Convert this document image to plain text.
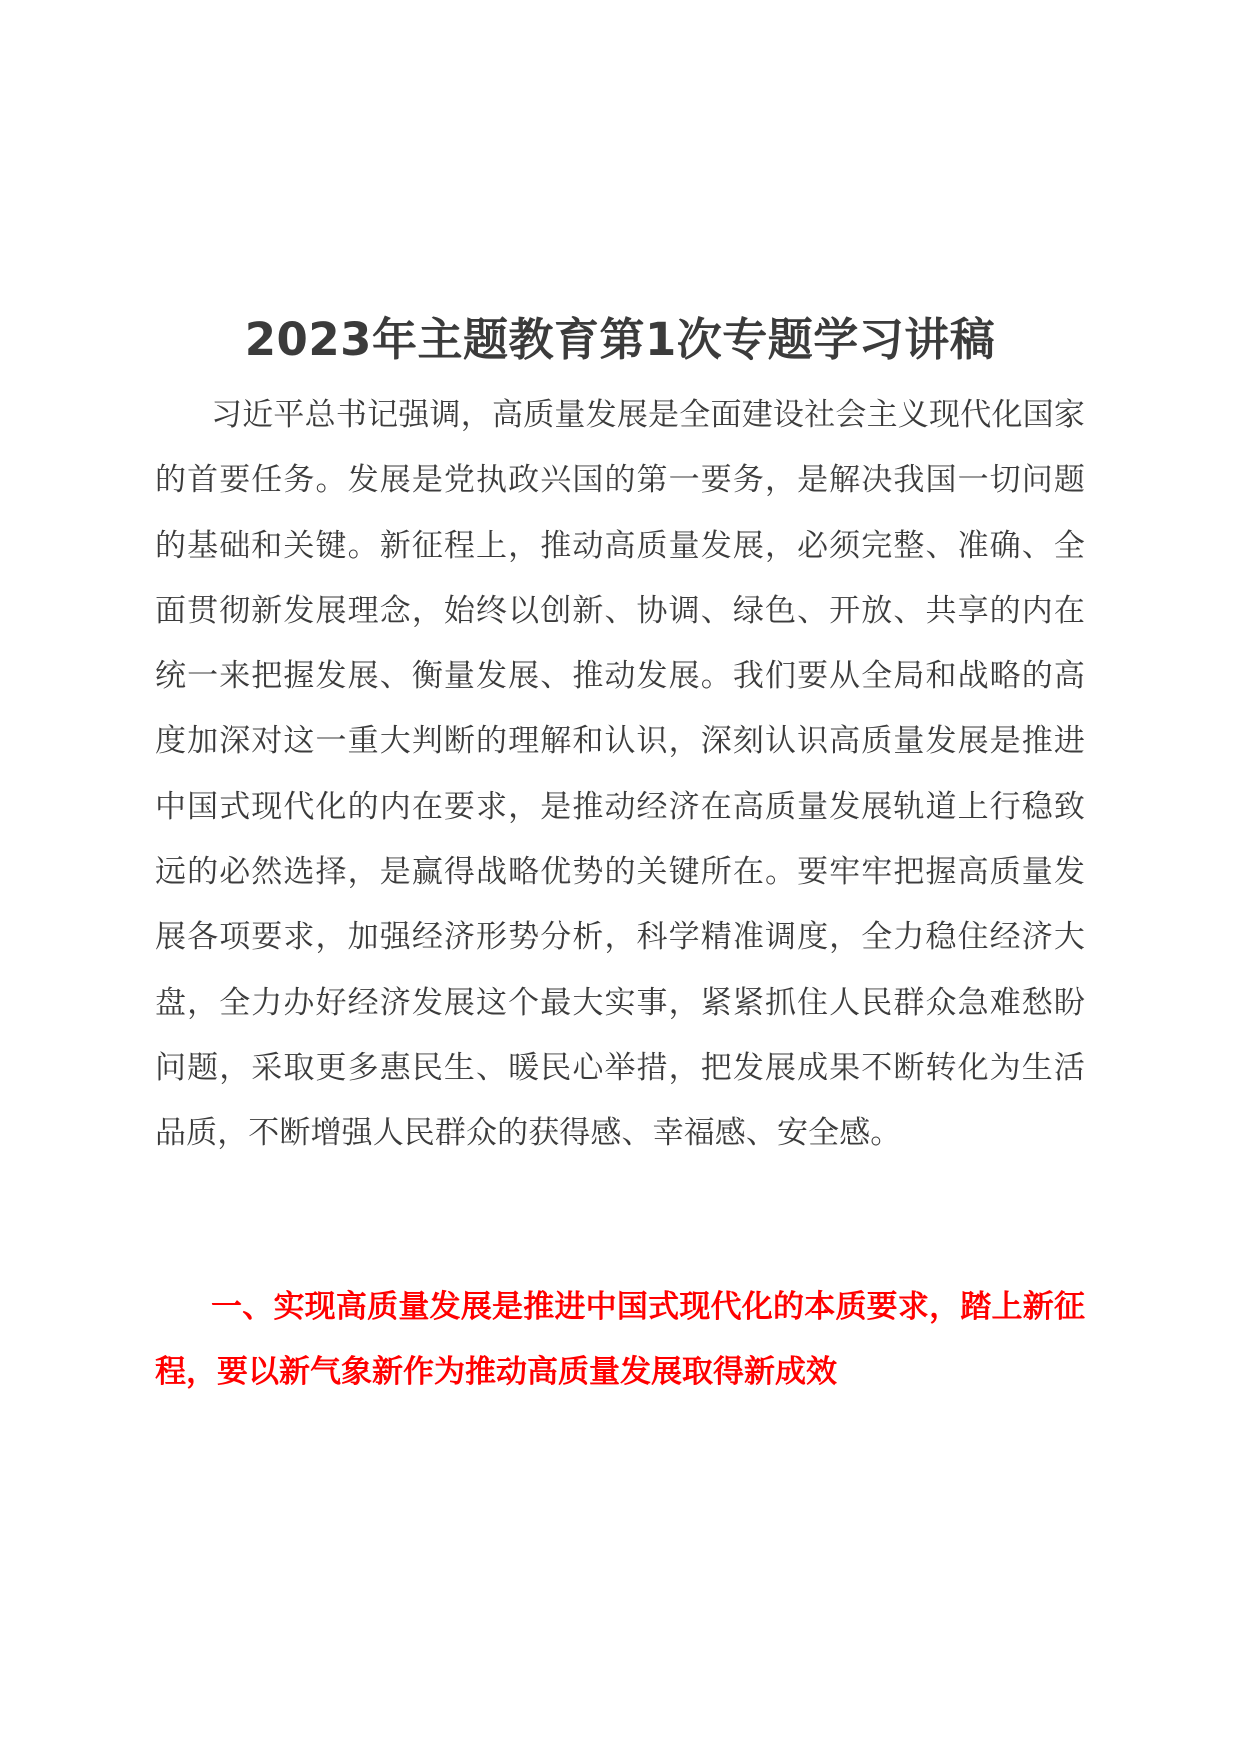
2023年主题教育第1次专题学习讲稿

习近平总书记强调，高质量发展是全面建设社会主义现代化国家的首要任务。发展是党执政兴国的第一要务，是解决我国一切问题的基础和关键。新征程上，推动高质量发展，必须完整、准确、全面贯彻新发展理念，始终以创新、协调、绿色、开放、共享的内在统一来把握发展、衡量发展、推动发展。我们要从全局和战略的高度加深对这一重大判断的理解和认识，深刻认识高质量发展是推进中国式现代化的内在要求，是推动经济在高质量发展轨道上行稳致远的必然选择，是赢得战略优势的关键所在。要牢牢把握高质量发展各项要求，加强经济形势分析，科学精准调度，全力稳住经济大盘，全力办好经济发展这个最大实事，紧紧抓住人民群众急难愁盼问题，采取更多惠民生、暖民心举措，把发展成果不断转化为生活品质，不断增强人民群众的获得感、幸福感、安全感。

一、实现高质量发展是推进中国式现代化的本质要求，踏上新征程，要以新气象新作为推动高质量发展取得新成效
